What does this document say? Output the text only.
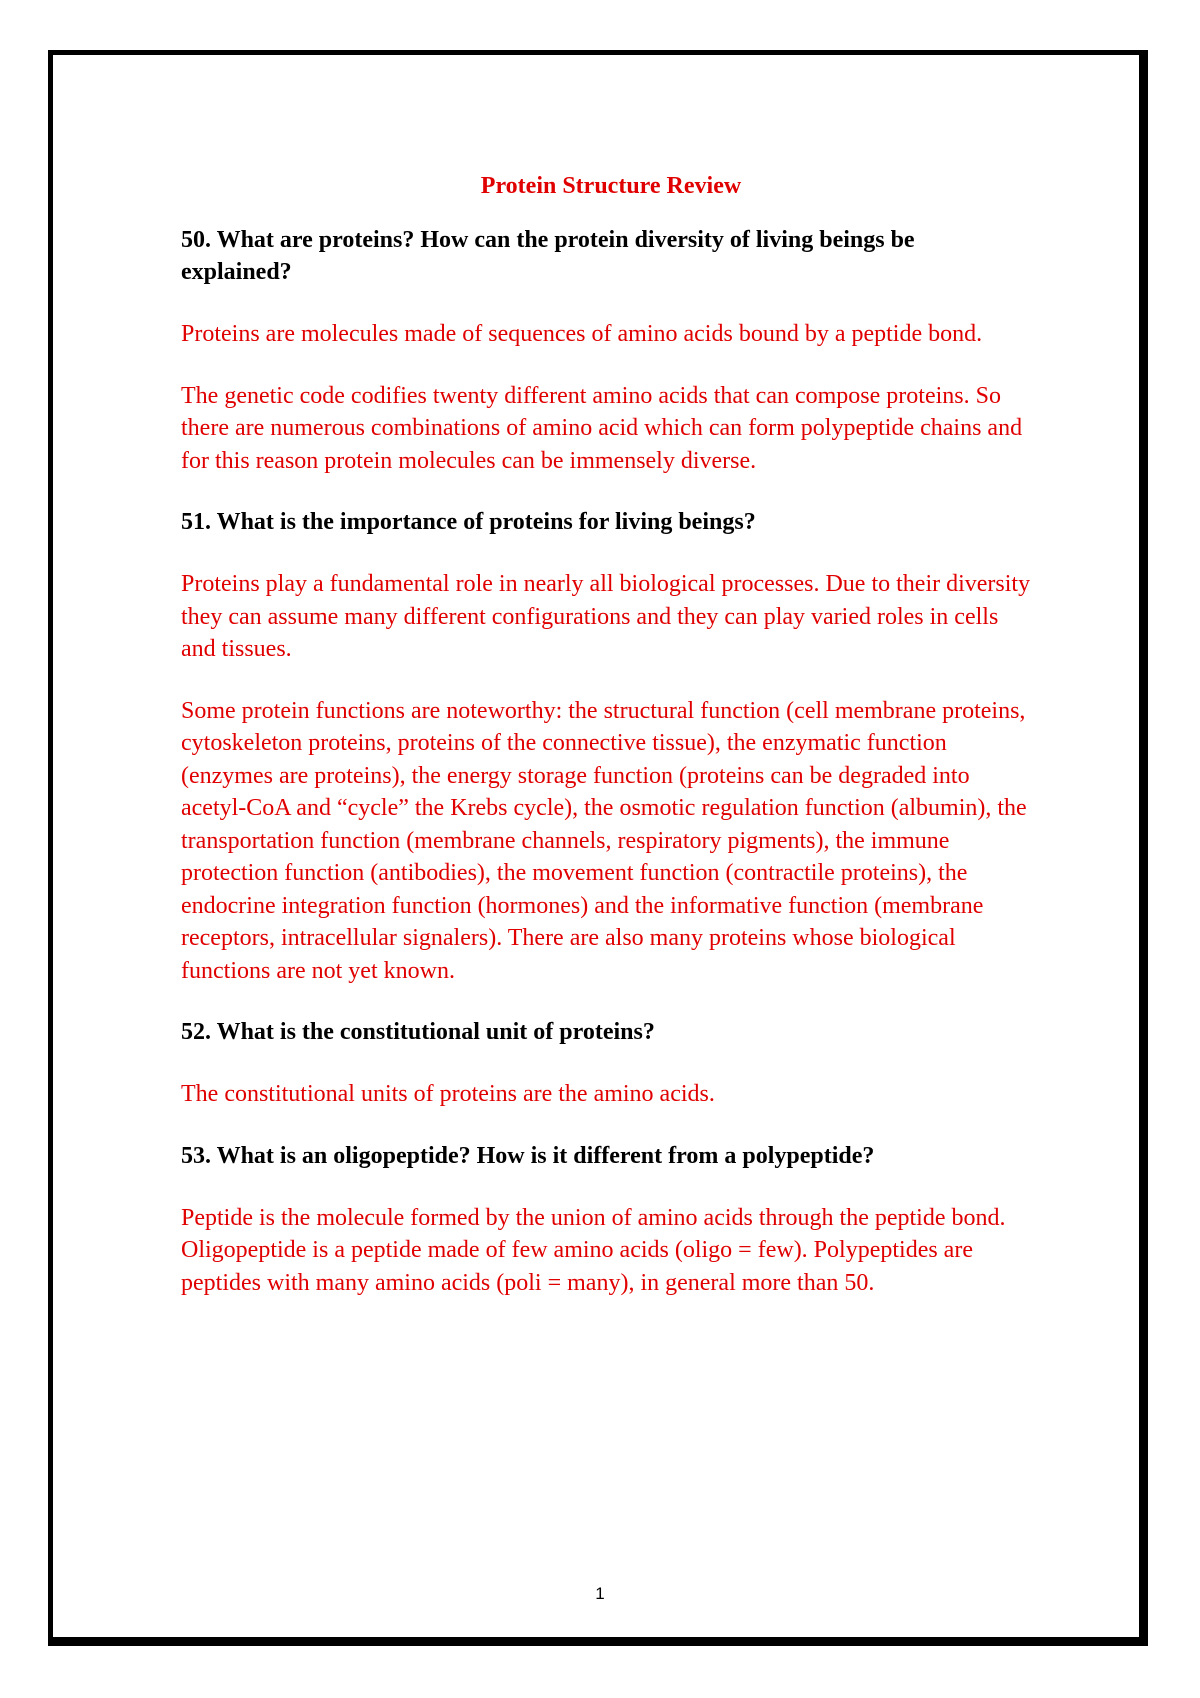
Protein Structure Review
50. What are proteins? How can the protein diversity of living beings be explained?
Proteins are molecules made of sequences of amino acids bound by a peptide bond.
The genetic code codifies twenty different amino acids that can compose proteins. So there are numerous combinations of amino acid which can form polypeptide chains and for this reason protein molecules can be immensely diverse.
51. What is the importance of proteins for living beings?
Proteins play a fundamental role in nearly all biological processes. Due to their diversity they can assume many different configurations and they can play varied roles in cells and tissues.
Some protein functions are noteworthy: the structural function (cell membrane proteins, cytoskeleton proteins, proteins of the connective tissue), the enzymatic function (enzymes are proteins), the energy storage function (proteins can be degraded into acetyl-CoA and “cycle” the Krebs cycle), the osmotic regulation function (albumin), the transportation function (membrane channels, respiratory pigments), the immune protection function (antibodies), the movement function (contractile proteins), the endocrine integration function (hormones) and the informative function (membrane receptors, intracellular signalers). There are also many proteins whose biological functions are not yet known.
52. What is the constitutional unit of proteins?
The constitutional units of proteins are the amino acids.
53. What is an oligopeptide? How is it different from a polypeptide?
Peptide is the molecule formed by the union of amino acids through the peptide bond. Oligopeptide is a peptide made of few amino acids (oligo = few). Polypeptides are peptides with many amino acids (poli = many), in general more than 50.
1
